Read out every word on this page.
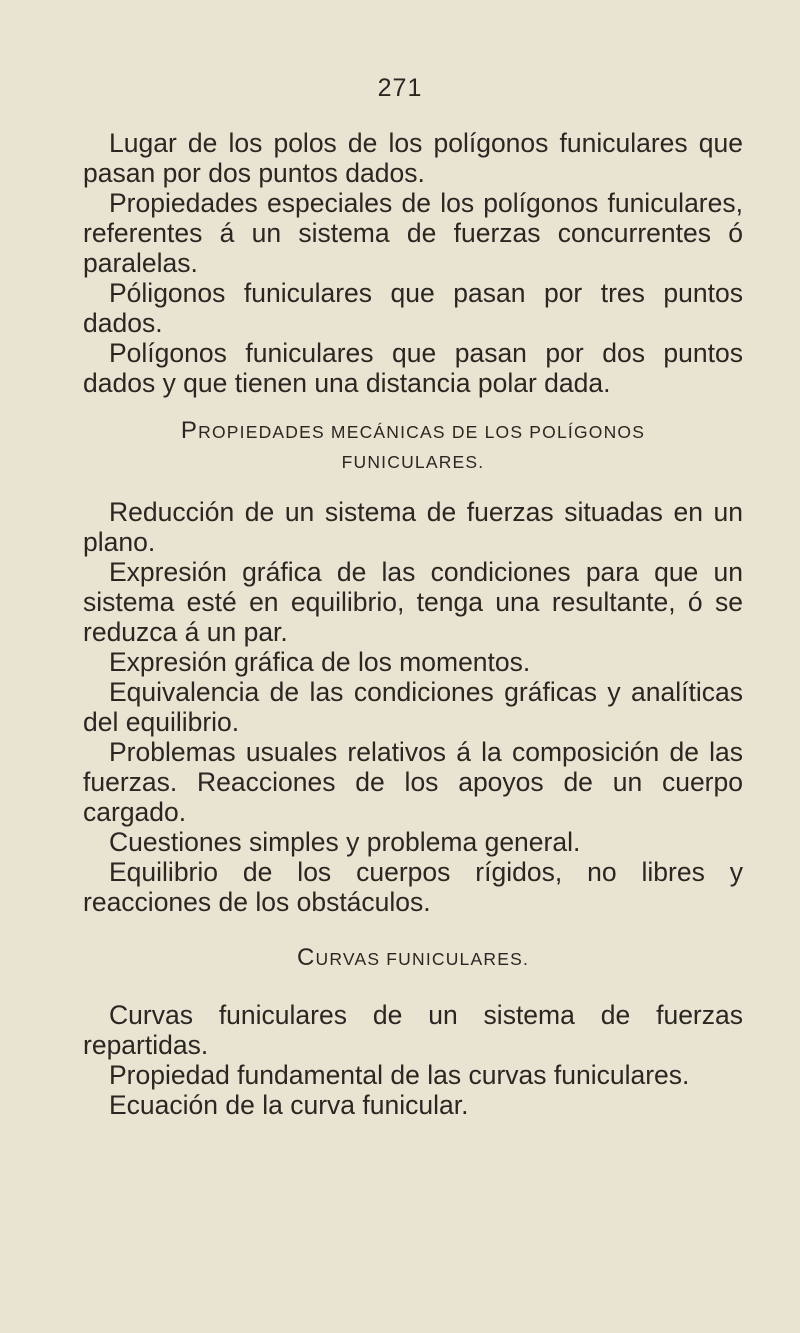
271

Lugar de los polos de los polígonos funiculares que pasan por dos puntos dados.

Propiedades especiales de los polígonos funiculares, referentes á un sistema de fuerzas concurrentes ó paralelas.

Póligonos funiculares que pasan por tres puntos dados.

Polígonos funiculares que pasan por dos puntos dados y que tienen una distancia polar dada.

PROPIEDADES MECÁNICAS DE LOS POLÍGONOS

FUNICULARES.

Reducción de un sistema de fuerzas situadas en un plano.

Expresión gráfica de las condiciones para que un sistema esté en equilibrio, tenga una resultante, ó se reduzca á un par.

Expresión gráfica de los momentos.

Equivalencia de las condiciones gráficas y analíticas del equilibrio.

Problemas usuales relativos á la composición de las fuerzas. Reacciones de los apoyos de un cuerpo cargado.

Cuestiones simples y problema general.

Equilibrio de los cuerpos rígidos, no libres y reacciones de los obstáculos.

CURVAS FUNICULARES.

Curvas funiculares de un sistema de fuerzas repartidas.

Propiedad fundamental de las curvas funiculares.

Ecuación de la curva funicular.
